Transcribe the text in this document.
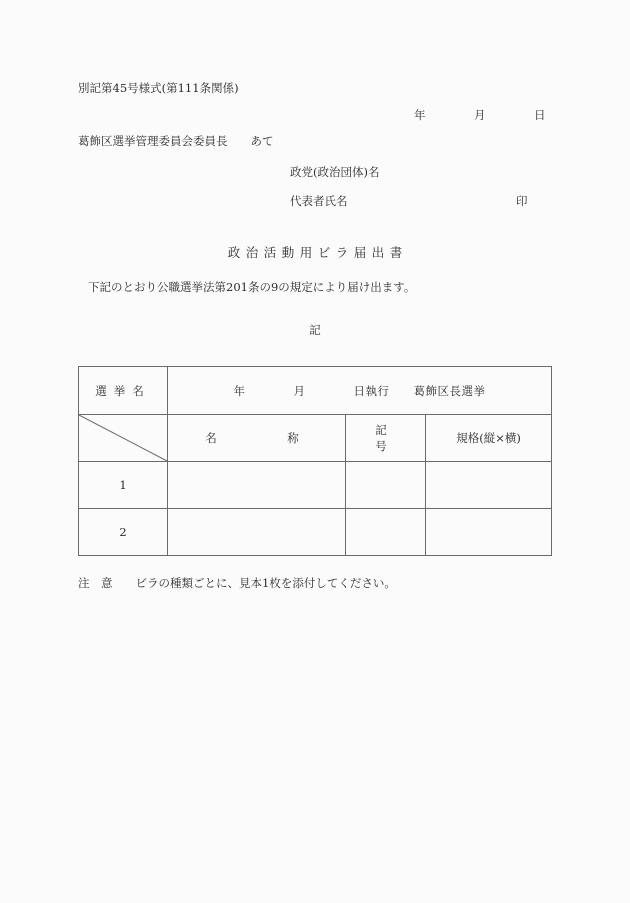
別記第45号様式(第111条関係)
年　　　　月　　　　日
葛飾区選挙管理委員会委員長　　あて
政党(政治団体)名
代表者氏名	印
政治活動用ビラ届出書
下記のとおり公職選挙法第201条の9の規定により届け出ます。
記
選挙名	年　　　　月　　　　日執行　　葛飾区長選挙		

	名　　　称	記　　　号	規格(縦×横)
1			
2			
注　意　　ビラの種類ごとに、見本1枚を添付してください。
